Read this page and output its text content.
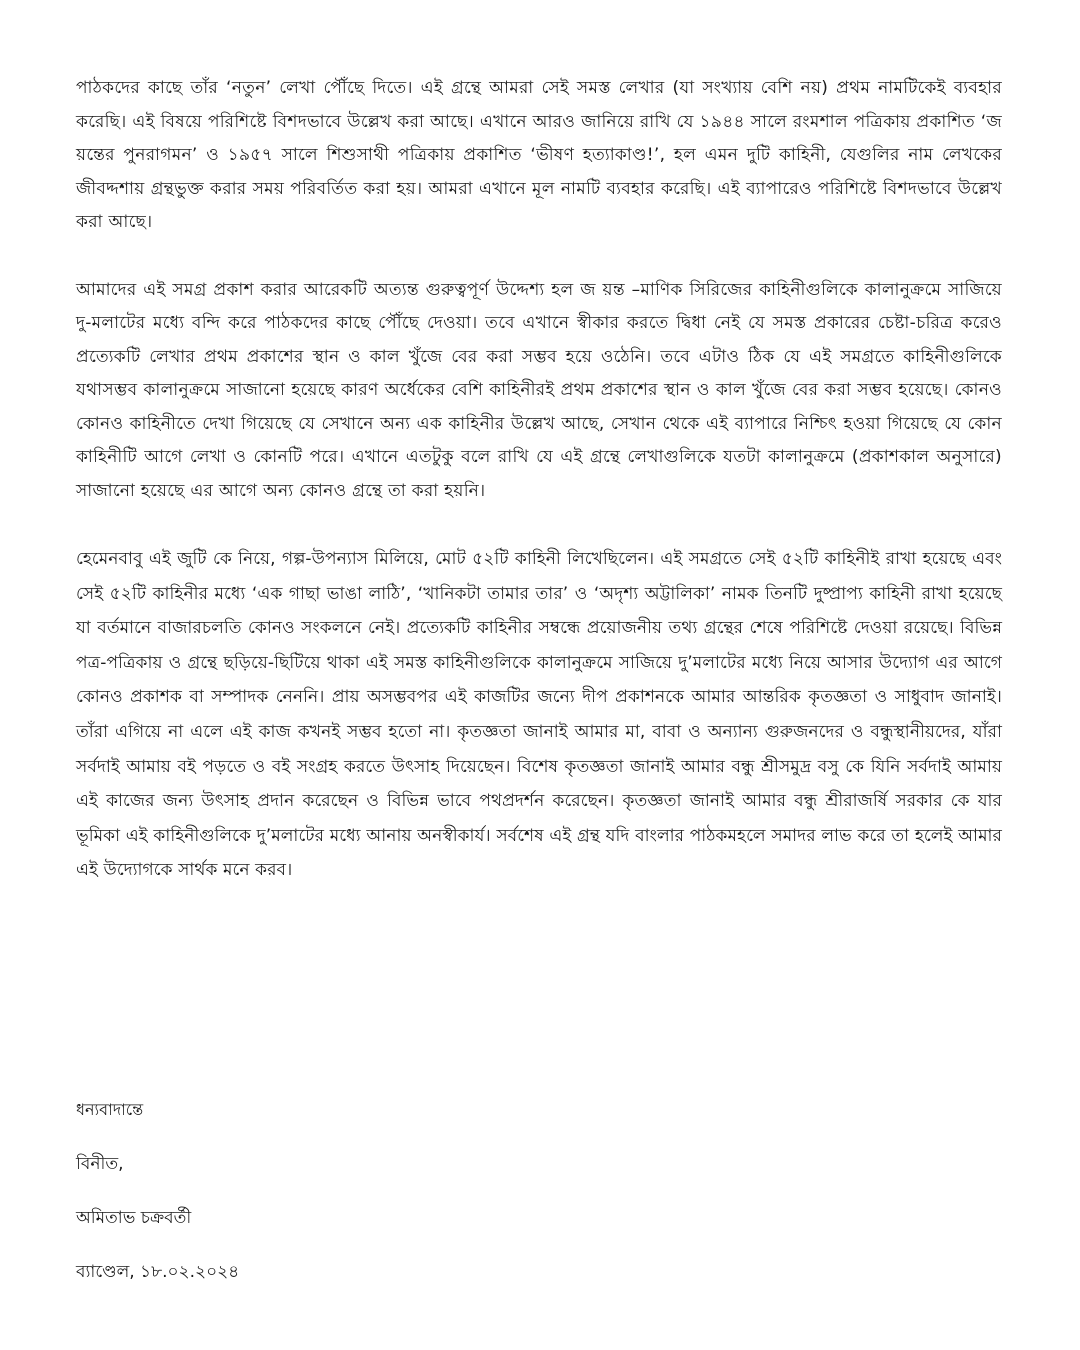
পাঠকদের কাছে তাঁর ‘নতুন’ লেখা পৌঁছে দিতে। এই গ্রন্থে আমরা সেই সমস্ত লেখার (যা সংখ্যায় বেশি নয়) প্রথম নামটিকেই ব্যবহার করেছি। এই বিষয়ে পরিশিষ্টে বিশদভাবে উল্লেখ করা আছে। এখানে আরও জানিয়ে রাখি যে ১৯৪৪ সালে রংমশাল পত্রিকায় প্রকাশিত ‘জ য়ন্তের পুনরাগমন’ ও ১৯৫৭ সালে শিশুসাথী পত্রিকায় প্রকাশিত ‘ভীষণ হত্যাকাণ্ড!’, হল এমন দুটি কাহিনী, যেগুলির নাম লেখকের জীবদ্দশায় গ্রন্থভুক্ত করার সময় পরিবর্তিত করা হয়। আমরা এখানে মূল নামটি ব্যবহার করেছি। এই ব্যাপারেও পরিশিষ্টে বিশদভাবে উল্লেখ করা আছে।

আমাদের এই সমগ্র প্রকাশ করার আরেকটি অত্যন্ত গুরুত্বপূর্ণ উদ্দেশ্য হল জ য়ন্ত –মাণিক সিরিজের কাহিনীগুলিকে কালানুক্রমে সাজিয়ে দু-মলাটের মধ্যে বন্দি করে পাঠকদের কাছে পৌঁছে দেওয়া। তবে এখানে স্বীকার করতে দ্বিধা নেই যে সমস্ত প্রকারের চেষ্টা-চরিত্র করেও প্রত্যেকটি লেখার প্রথম প্রকাশের স্থান ও কাল খুঁজে বের করা সম্ভব হয়ে ওঠেনি। তবে এটাও ঠিক যে এই সমগ্রতে কাহিনীগুলিকে যথাসম্ভব কালানুক্রমে সাজানো হয়েছে কারণ অর্ধেকের বেশি কাহিনীরই প্রথম প্রকাশের স্থান ও কাল খুঁজে বের করা সম্ভব হয়েছে। কোনও কোনও কাহিনীতে দেখা গিয়েছে যে সেখানে অন্য এক কাহিনীর উল্লেখ আছে, সেখান থেকে এই ব্যাপারে নিশ্চিৎ হওয়া গিয়েছে যে কোন কাহিনীটি আগে লেখা ও কোনটি পরে। এখানে এতটুকু বলে রাখি যে এই গ্রন্থে লেখাগুলিকে যতটা কালানুক্রমে (প্রকাশকাল অনুসারে) সাজানো হয়েছে এর আগে অন্য কোনও গ্রন্থে তা করা হয়নি।

হেমেনবাবু এই জুটি কে নিয়ে, গল্প-উপন্যাস মিলিয়ে, মোট ৫২টি কাহিনী লিখেছিলেন। এই সমগ্রতে সেই ৫২টি কাহিনীই রাখা হয়েছে এবং সেই ৫২টি কাহিনীর মধ্যে ‘এক গাছা ভাঙা লাঠি’, ‘খানিকটা তামার তার’ ও ‘অদৃশ্য অট্টালিকা’ নামক তিনটি দুষ্প্রাপ্য কাহিনী রাখা হয়েছে যা বর্তমানে বাজারচলতি কোনও সংকলনে নেই। প্রত্যেকটি কাহিনীর সম্বন্ধে প্রয়োজনীয় তথ্য গ্রন্থের শেষে পরিশিষ্টে দেওয়া রয়েছে। বিভিন্ন পত্র-পত্রিকায় ও গ্রন্থে ছড়িয়ে-ছিটিয়ে থাকা এই সমস্ত কাহিনীগুলিকে কালানুক্রমে সাজিয়ে দু’মলাটের মধ্যে নিয়ে আসার উদ্যোগ এর আগে কোনও প্রকাশক বা সম্পাদক নেননি। প্রায় অসম্ভবপর এই কাজটির জন্যে দীপ প্রকাশনকে আমার আন্তরিক কৃতজ্ঞতা ও সাধুবাদ জানাই। তাঁরা এগিয়ে না এলে এই কাজ কখনই সম্ভব হতো না। কৃতজ্ঞতা জানাই আমার মা, বাবা ও অন্যান্য গুরুজনদের ও বন্ধুস্থানীয়দের, যাঁরা সর্বদাই আমায় বই পড়তে ও বই সংগ্রহ করতে উৎসাহ দিয়েছেন। বিশেষ কৃতজ্ঞতা জানাই আমার বন্ধু শ্রীসমুদ্র বসু কে যিনি সর্বদাই আমায় এই কাজের জন্য উৎসাহ প্রদান করেছেন ও বিভিন্ন ভাবে পথপ্রদর্শন করেছেন। কৃতজ্ঞতা জানাই আমার বন্ধু শ্রীরাজর্ষি সরকার কে যার ভূমিকা এই কাহিনীগুলিকে দু’মলাটের মধ্যে আনায় অনস্বীকার্য। সর্বশেষ এই গ্রন্থ যদি বাংলার পাঠকমহলে সমাদর লাভ করে তা হলেই আমার এই উদ্যোগকে সার্থক মনে করব।

ধন্যবাদান্তে

বিনীত,

অমিতাভ চক্রবর্তী

ব্যাণ্ডেল, ১৮.০২.২০২৪
